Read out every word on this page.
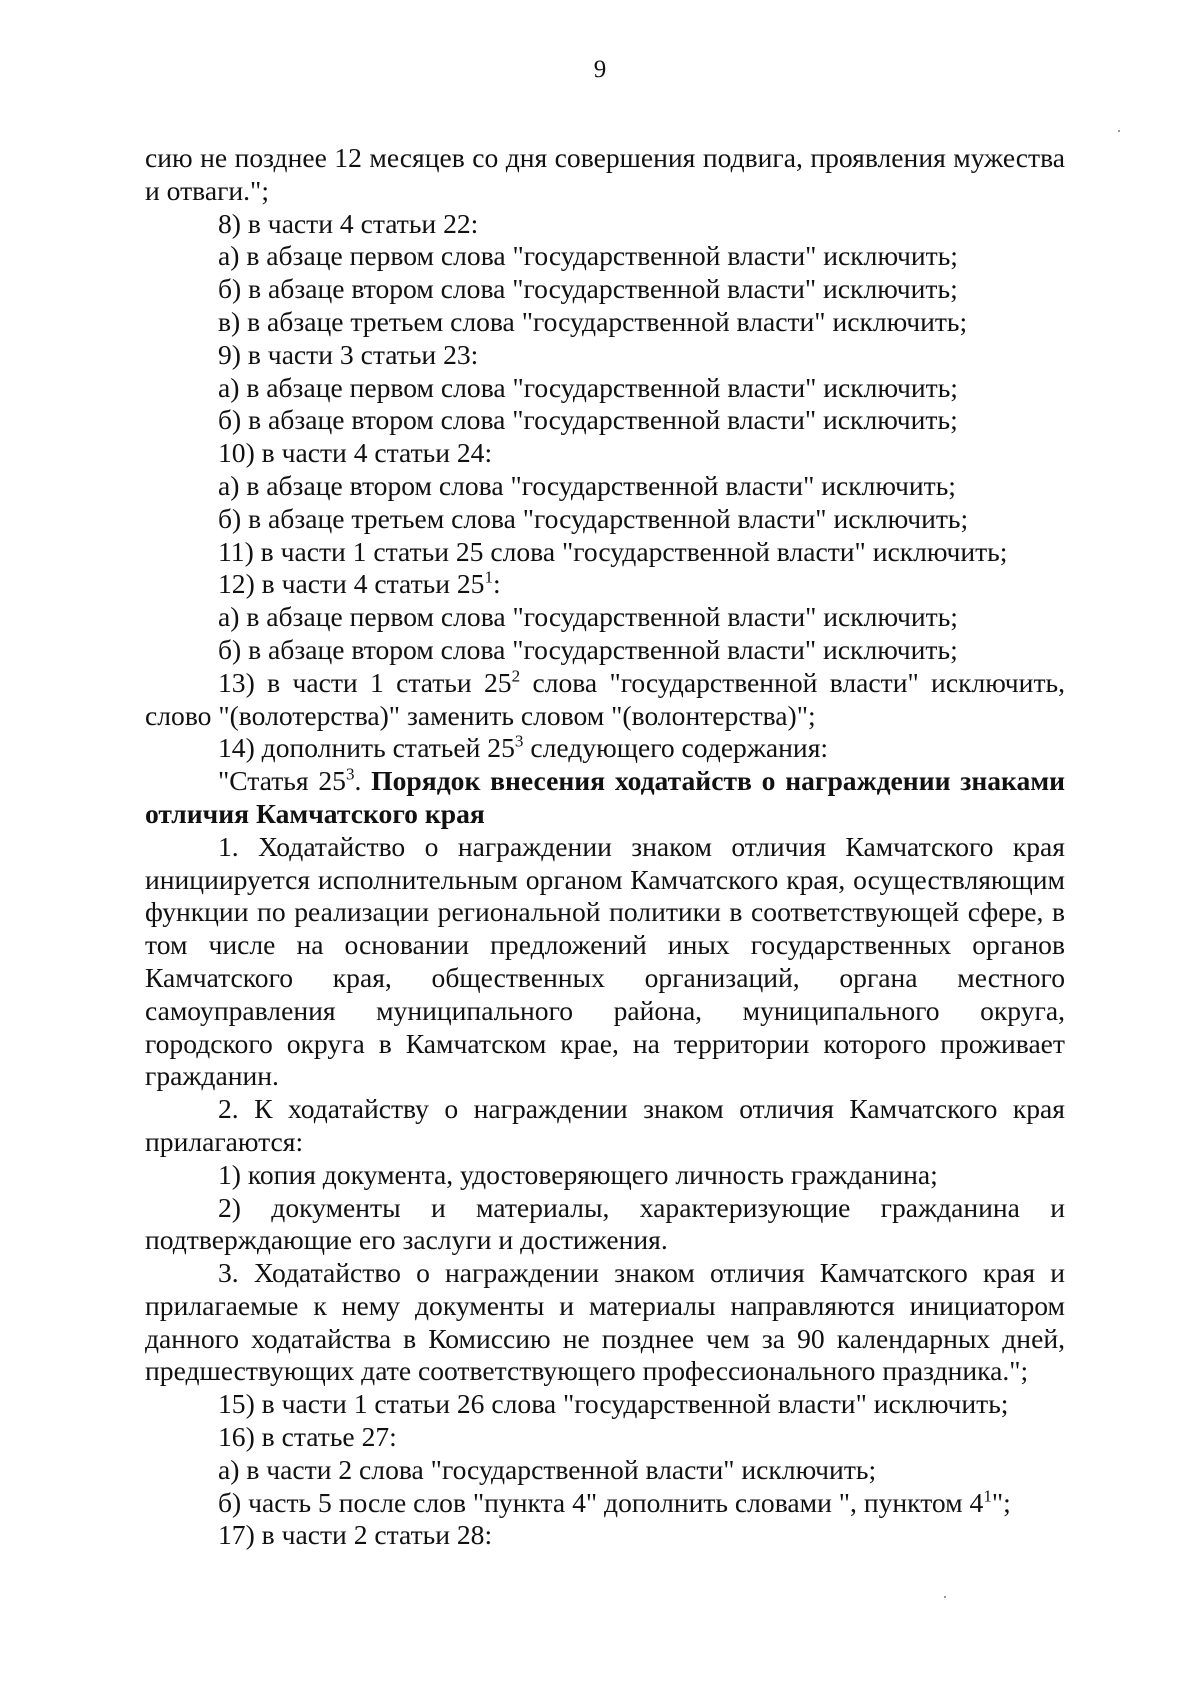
9

сию не позднее 12 месяцев со дня совершения подвига, проявления мужества и отваги.";

8) в части 4 статьи 22:

а) в абзаце первом слова "государственной власти" исключить;

б) в абзаце втором слова "государственной власти" исключить;

в) в абзаце третьем слова "государственной власти" исключить;

9) в части 3 статьи 23:

а) в абзаце первом слова "государственной власти" исключить;

б) в абзаце втором слова "государственной власти" исключить;

10) в части 4 статьи 24:

а) в абзаце втором слова "государственной власти" исключить;

б) в абзаце третьем слова "государственной власти" исключить;

11) в части 1 статьи 25 слова "государственной власти" исключить;

12) в части 4 статьи $25^1$:

а) в абзаце первом слова "государственной власти" исключить;

б) в абзаце втором слова "государственной власти" исключить;

13) в части 1 статьи $25^2$ слова "государственной власти" исключить, слово "(волотерства)" заменить словом "(волонтерства)";

14) дополнить статьей $25^3$ следующего содержания:

"Статья $25^3$. Порядок внесения ходатайств о награждении знаками отличия Камчатского края

1. Ходатайство о награждении знаком отличия Камчатского края инициируется исполнительным органом Камчатского края, осуществляющим функции по реализации региональной политики в соответствующей сфере, в том числе на основании предложений иных государственных органов Камчатского края, общественных организаций, органа местного самоуправления муниципального района, муниципального округа, городского округа в Камчатском крае, на территории которого проживает гражданин.

2. К ходатайству о награждении знаком отличия Камчатского края прилагаются:

1) копия документа, удостоверяющего личность гражданина;

2) документы и материалы, характеризующие гражданина и подтверждающие его заслуги и достижения.

3. Ходатайство о награждении знаком отличия Камчатского края и прилагаемые к нему документы и материалы направляются инициатором данного ходатайства в Комиссию не позднее чем за 90 календарных дней, предшествующих дате соответствующего профессионального праздника.";

15) в части 1 статьи 26 слова "государственной власти" исключить;

16) в статье 27:

а) в части 2 слова "государственной власти" исключить;

б) часть 5 после слов "пункта 4" дополнить словами ", пунктом $4^1$";

17) в части 2 статьи 28:
